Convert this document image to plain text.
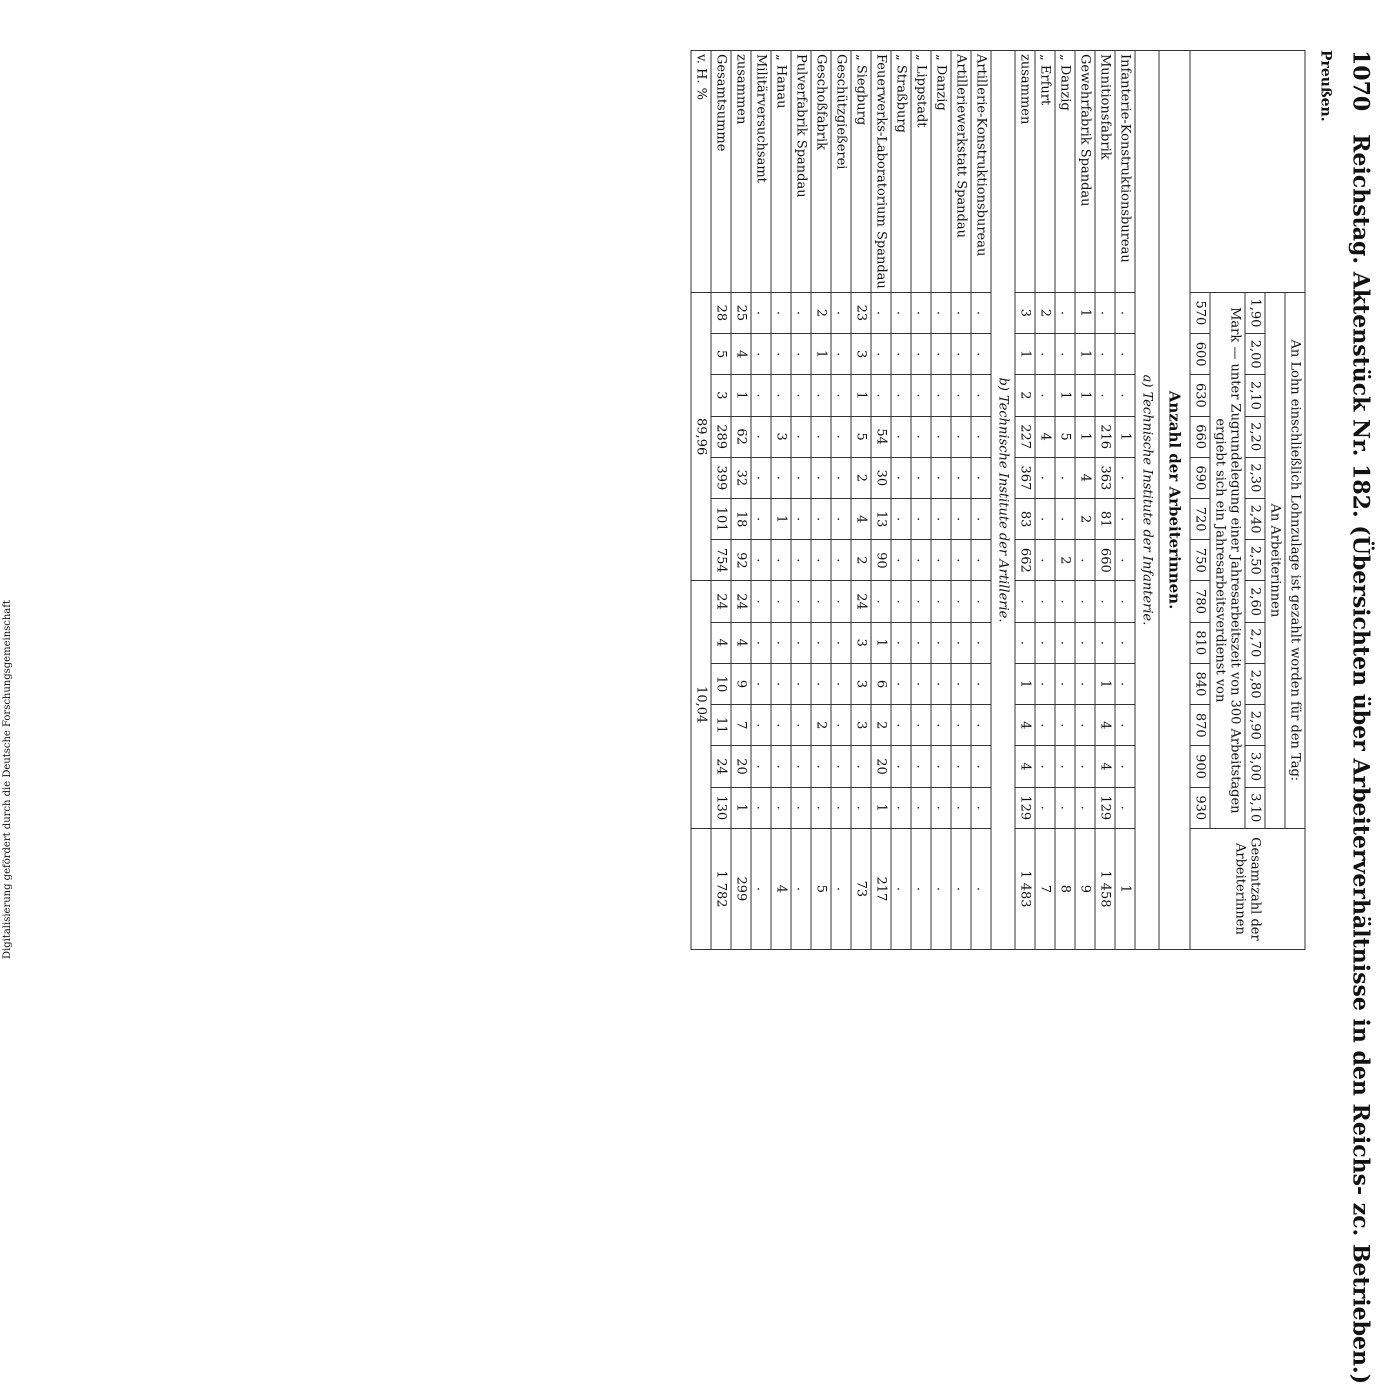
1070   Reichstag. Aktenstück Nr. 182. (Übersichten über Arbeiterverhältnisse in den Reichs- zc. Betrieben.)
Preußen.
	An Lohn einschließlich Lohnzulage ist gezahlt worden für den Tag:													Gesamtzahl der Arbeiterinnen
	An Arbeiterinnen													
	1,90	2,00	2,10	2,20	2,30	2,40	2,50	2,60	2,70	2,80	2,90	3,00	3,10	
	Mark — unter Zugrundelegung einer Jahresarbeitszeit von 300 Arbeitstagen ergiebt sich ein Jahresarbeitsverdienst von													
	570	600	630	660	690	720	750	780	810	840	870	900	930	
Anzahl der Arbeiterinnen.														
a) Technische Institute der Infanterie.														
Infanterie-Konstruktionsbureau	.	.	.	1	.	.	.	.	.	.	.	.	.	1
Munitionsfabrik	.	.	.	216	363	81	660	.	.	1	4	4	129	1 458
Gewehrfabrik Spandau	1	1	1	1	4	2	.	.	.	.	.	.	.	9
„ Danzig	.	.	1	5	.	.	2	.	.	.	.	.	.	8
„ Erfurt	2	.	.	4	.	.	.	.	.	.	.	.	.	7
zusammen	3	1	2	227	367	83	662	.	.	1	4	4	129	1 483
b) Technische Institute der Artillerie.														
Artillerie-Konstruktionsbureau	.	.	.	.	.	.	.	.	.	.	.	.	.	.
Artilleriewerkstatt Spandau	.	.	.	.	.	.	.	.	.	.	.	.	.	.
„ Danzig	.	.	.	.	.	.	.	.	.	.	.	.	.	.
„ Lippstadt	.	.	.	.	.	.	.	.	.	.	.	.	.	.
„ Straßburg	.	.	.	.	.	.	.	.	.	.	.	.	.	.
Feuerwerks-Laboratorium Spandau	.	.	.	54	30	13	90	.	1	6	2	20	1	217
„ Siegburg	23	3	1	5	2	4	2	24	3	3	3	.	.	73
Geschützgießerei	.	.	.	.	.	.	.	.	.	.	.	.	.	.
Geschoßfabrik	2	1	.	.	.	.	.	.	.	.	2	.	.	5
Pulverfabrik Spandau	.	.	.	.	.	.	.	.	.	.	.	.	.	.
„ Hanau	.	.	.	3	.	1	.	.	.	.	.	.	.	4
Militärversuchsamt	.	.	.	.	.	.	.	.	.	.	.	.	.	.
zusammen	25	4	1	62	32	18	92	24	4	9	7	20	1	299
Gesamtsumme	28	5	3	289	399	101	754	24	4	10	11	24	130	1 782
v. H. %	89,96							10,04						
Digitalisierung gefördert durch die Deutsche Forschungsgemeinschaft
